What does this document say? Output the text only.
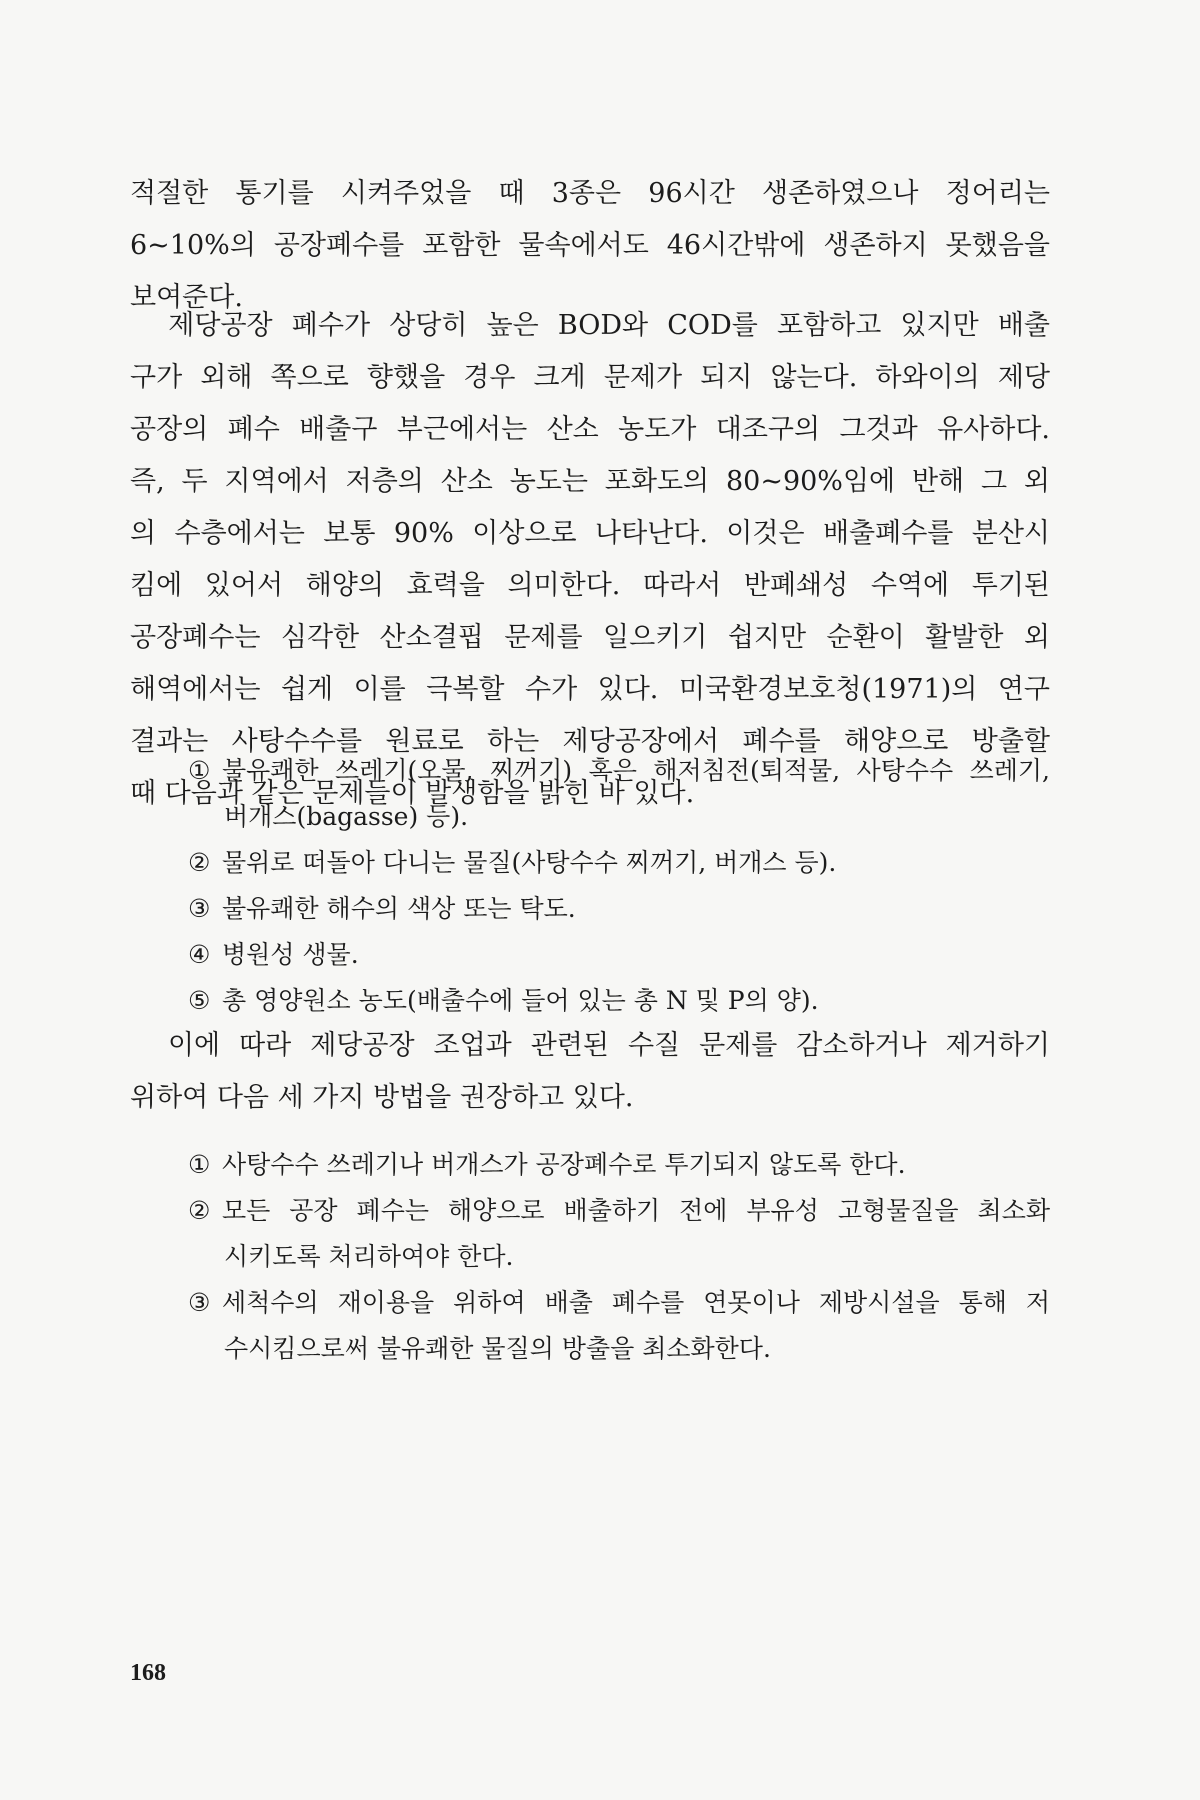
적절한 통기를 시켜주었을 때 3종은 96시간 생존하였으나 정어리는
6~10%의 공장폐수를 포함한 물속에서도 46시간밖에 생존하지 못했음을
보여준다.
제당공장 폐수가 상당히 높은 BOD와 COD를 포함하고 있지만 배출
구가 외해 쪽으로 향했을 경우 크게 문제가 되지 않는다. 하와이의 제당
공장의 폐수 배출구 부근에서는 산소 농도가 대조구의 그것과 유사하다.
즉, 두 지역에서 저층의 산소 농도는 포화도의 80~90%임에 반해 그 외
의 수층에서는 보통 90% 이상으로 나타난다. 이것은 배출폐수를 분산시
킴에 있어서 해양의 효력을 의미한다. 따라서 반폐쇄성 수역에 투기된
공장폐수는 심각한 산소결핍 문제를 일으키기 쉽지만 순환이 활발한 외
해역에서는 쉽게 이를 극복할 수가 있다. 미국환경보호청(1971)의 연구
결과는 사탕수수를 원료로 하는 제당공장에서 폐수를 해양으로 방출할
때 다음과 같은 문제들이 발생함을 밝힌 바 있다.
① 불유쾌한 쓰레기(오물, 찌꺼기) 혹은 해저침전(퇴적물, 사탕수수 쓰레기,
버개스(bagasse) 등).
② 물위로 떠돌아 다니는 물질(사탕수수 찌꺼기, 버개스 등).
③ 불유쾌한 해수의 색상 또는 탁도.
④ 병원성 생물.
⑤ 총 영양원소 농도(배출수에 들어 있는 총 N 및 P의 양).
이에 따라 제당공장 조업과 관련된 수질 문제를 감소하거나 제거하기
위하여 다음 세 가지 방법을 권장하고 있다.
① 사탕수수 쓰레기나 버개스가 공장폐수로 투기되지 않도록 한다.
② 모든 공장 폐수는 해양으로 배출하기 전에 부유성 고형물질을 최소화
시키도록 처리하여야 한다.
③ 세척수의 재이용을 위하여 배출 폐수를 연못이나 제방시설을 통해 저
수시킴으로써 불유쾌한 물질의 방출을 최소화한다.
168
